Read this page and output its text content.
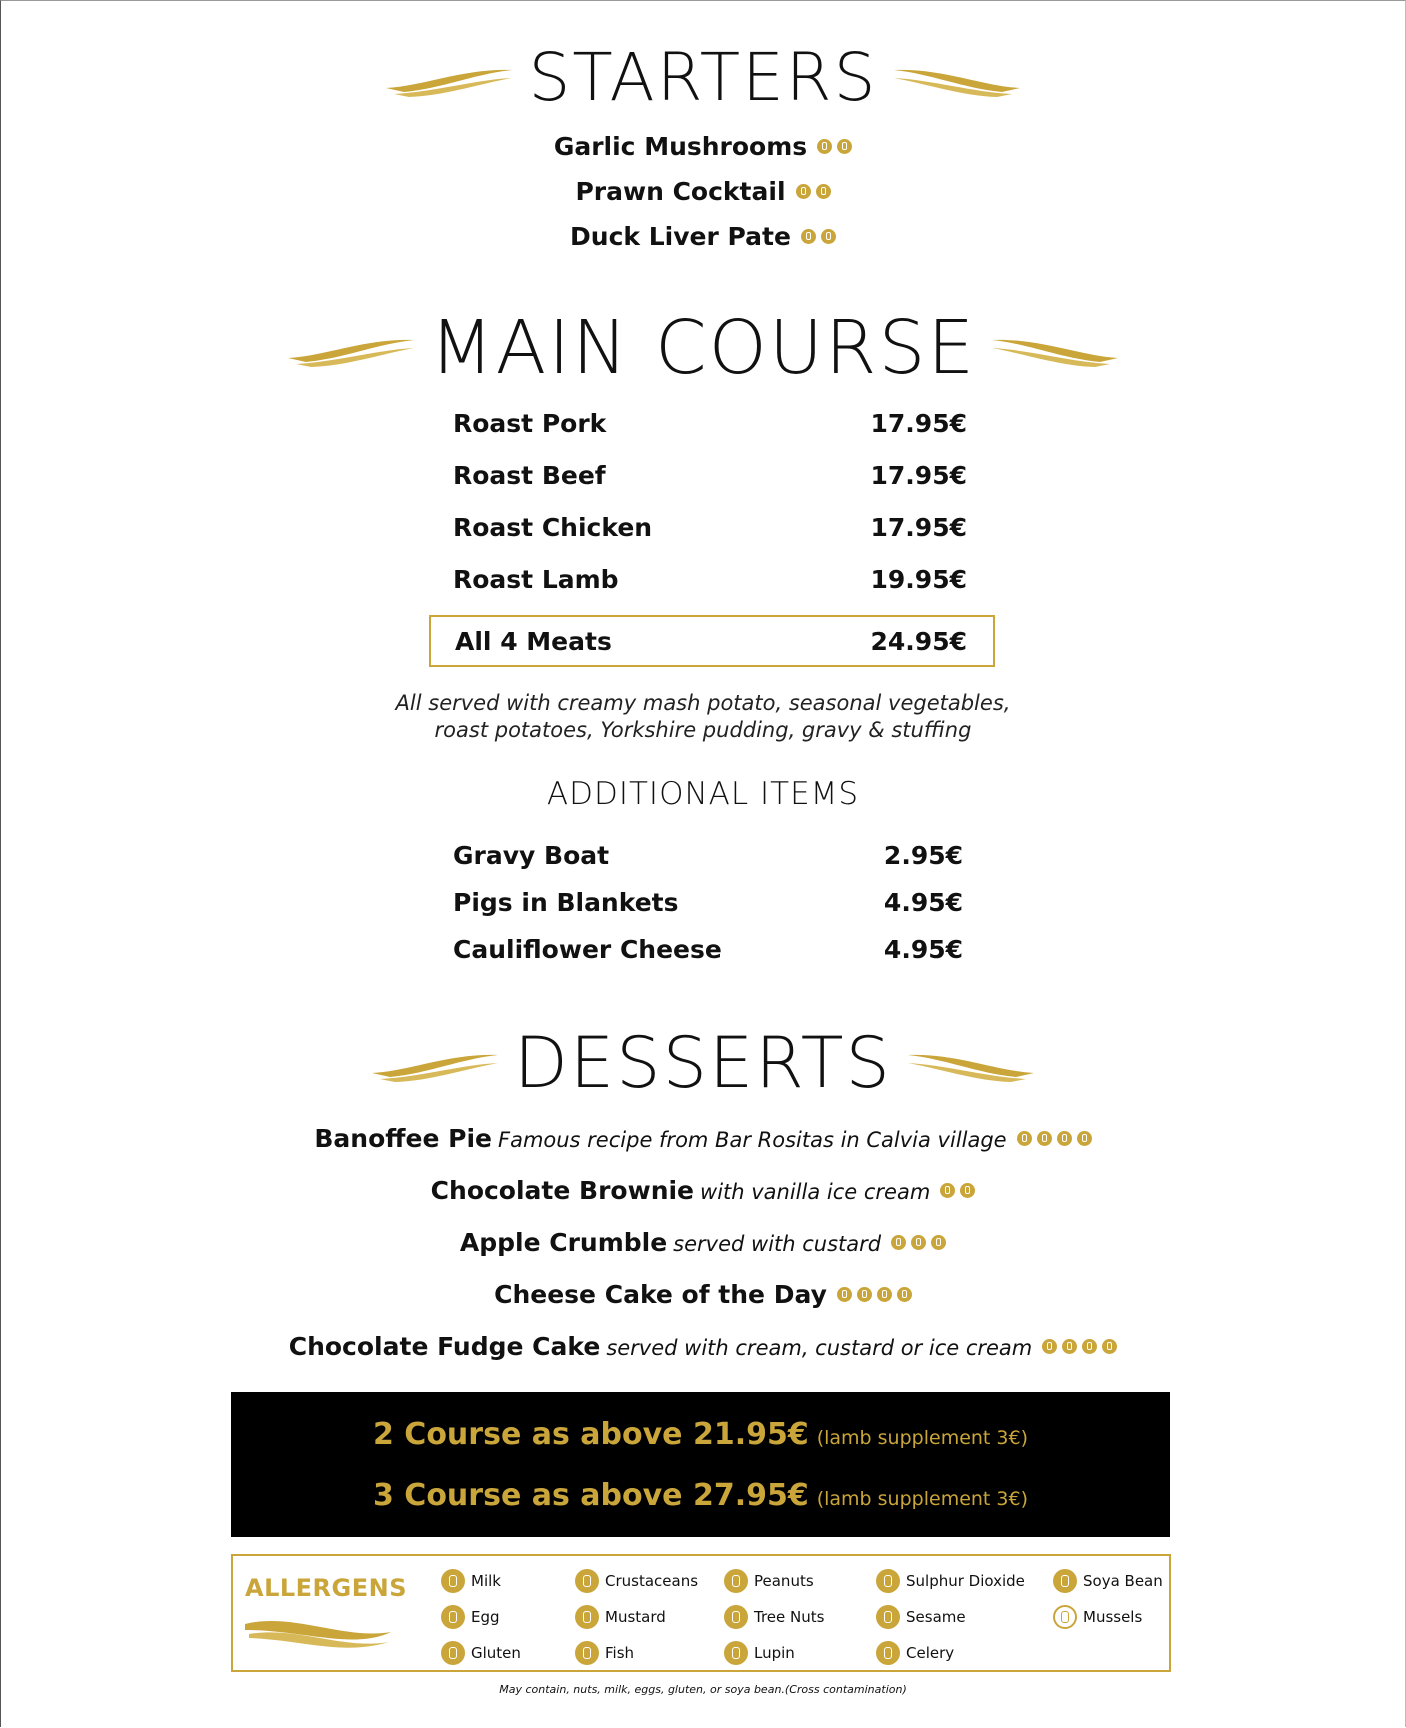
STARTERS
Garlic Mushrooms
Prawn Cocktail
Duck Liver Pate
MAIN COURSE
Roast Pork	17.95€
Roast Beef	17.95€
Roast Chicken	17.95€
Roast Lamb	19.95€
All 4 Meats	24.95€
All served with creamy mash potato, seasonal vegetables,
roast potatoes, Yorkshire pudding, gravy & stuffing
ADDITIONAL ITEMS
Gravy Boat	2.95€
Pigs in Blankets	4.95€
Cauliflower Cheese	4.95€
DESSERTS
Banoffee Pie Famous recipe from Bar Rositas in Calvia village
Chocolate Brownie with vanilla ice cream
Apple Crumble served with custard
Cheese Cake of the Day
Chocolate Fudge Cake served with cream, custard or ice cream
2 Course as above 21.95€ (lamb supplement 3€)
3 Course as above 27.95€ (lamb supplement 3€)
ALLERGENS	Milk
Egg
Gluten
Crustaceans
Mustard
Fish
Peanuts
Tree Nuts
Lupin
Sulphur Dioxide
Sesame
Celery
Soya Bean
Mussels
May contain, nuts, milk, eggs, gluten, or soya bean.(Cross contamination)
